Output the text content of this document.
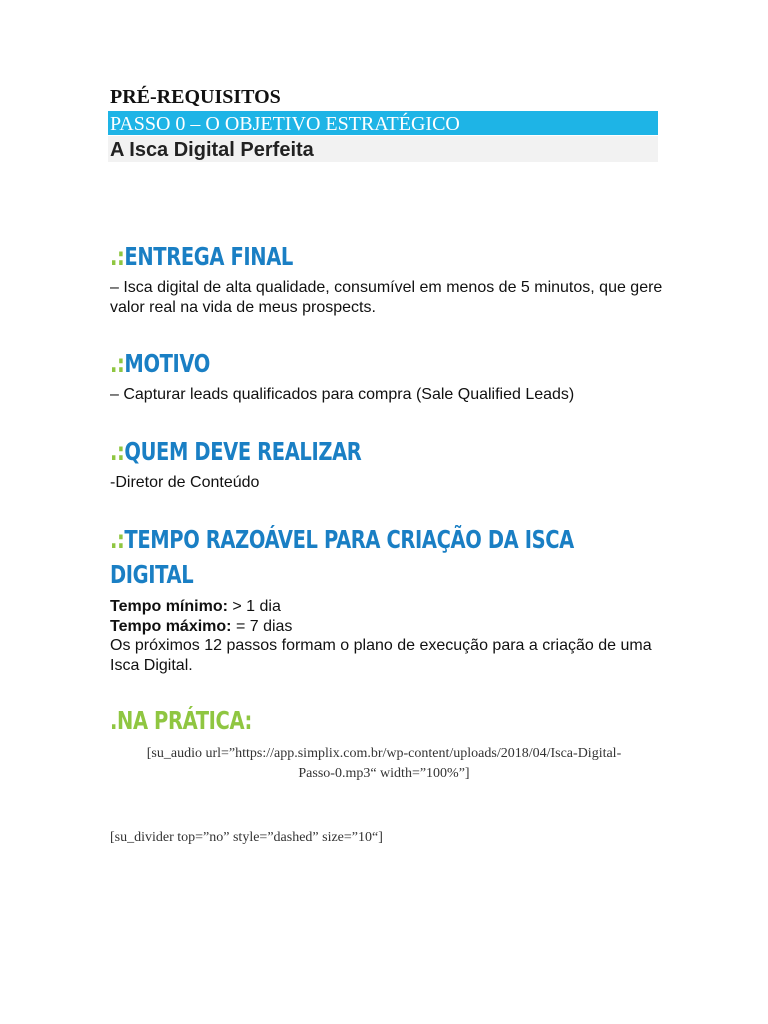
PRÉ-REQUISITOS
PASSO 0 – O OBJETIVO ESTRATÉGICO
A Isca Digital Perfeita
.:ENTREGA FINAL
– Isca digital de alta qualidade, consumível em menos de 5 minutos, que gere valor real na vida de meus prospects.
.:MOTIVO
– Capturar leads qualificados para compra (Sale Qualified Leads)
.:QUEM DEVE REALIZAR
-Diretor de Conteúdo
.:TEMPO RAZOÁVEL PARA CRIAÇÃO DA ISCA
DIGITAL
Tempo mínimo: > 1 dia
Tempo máximo: = 7 dias
Os próximos 12 passos formam o plano de execução para a criação de uma Isca Digital.
.NA PRÁTICA:
[su_audio url=”https://app.simplix.com.br/wp-content/uploads/2018/04/Isca-Digital-
Passo-0.mp3“ width=”100%”]
[su_divider top=”no” style=”dashed” size=”10“]
